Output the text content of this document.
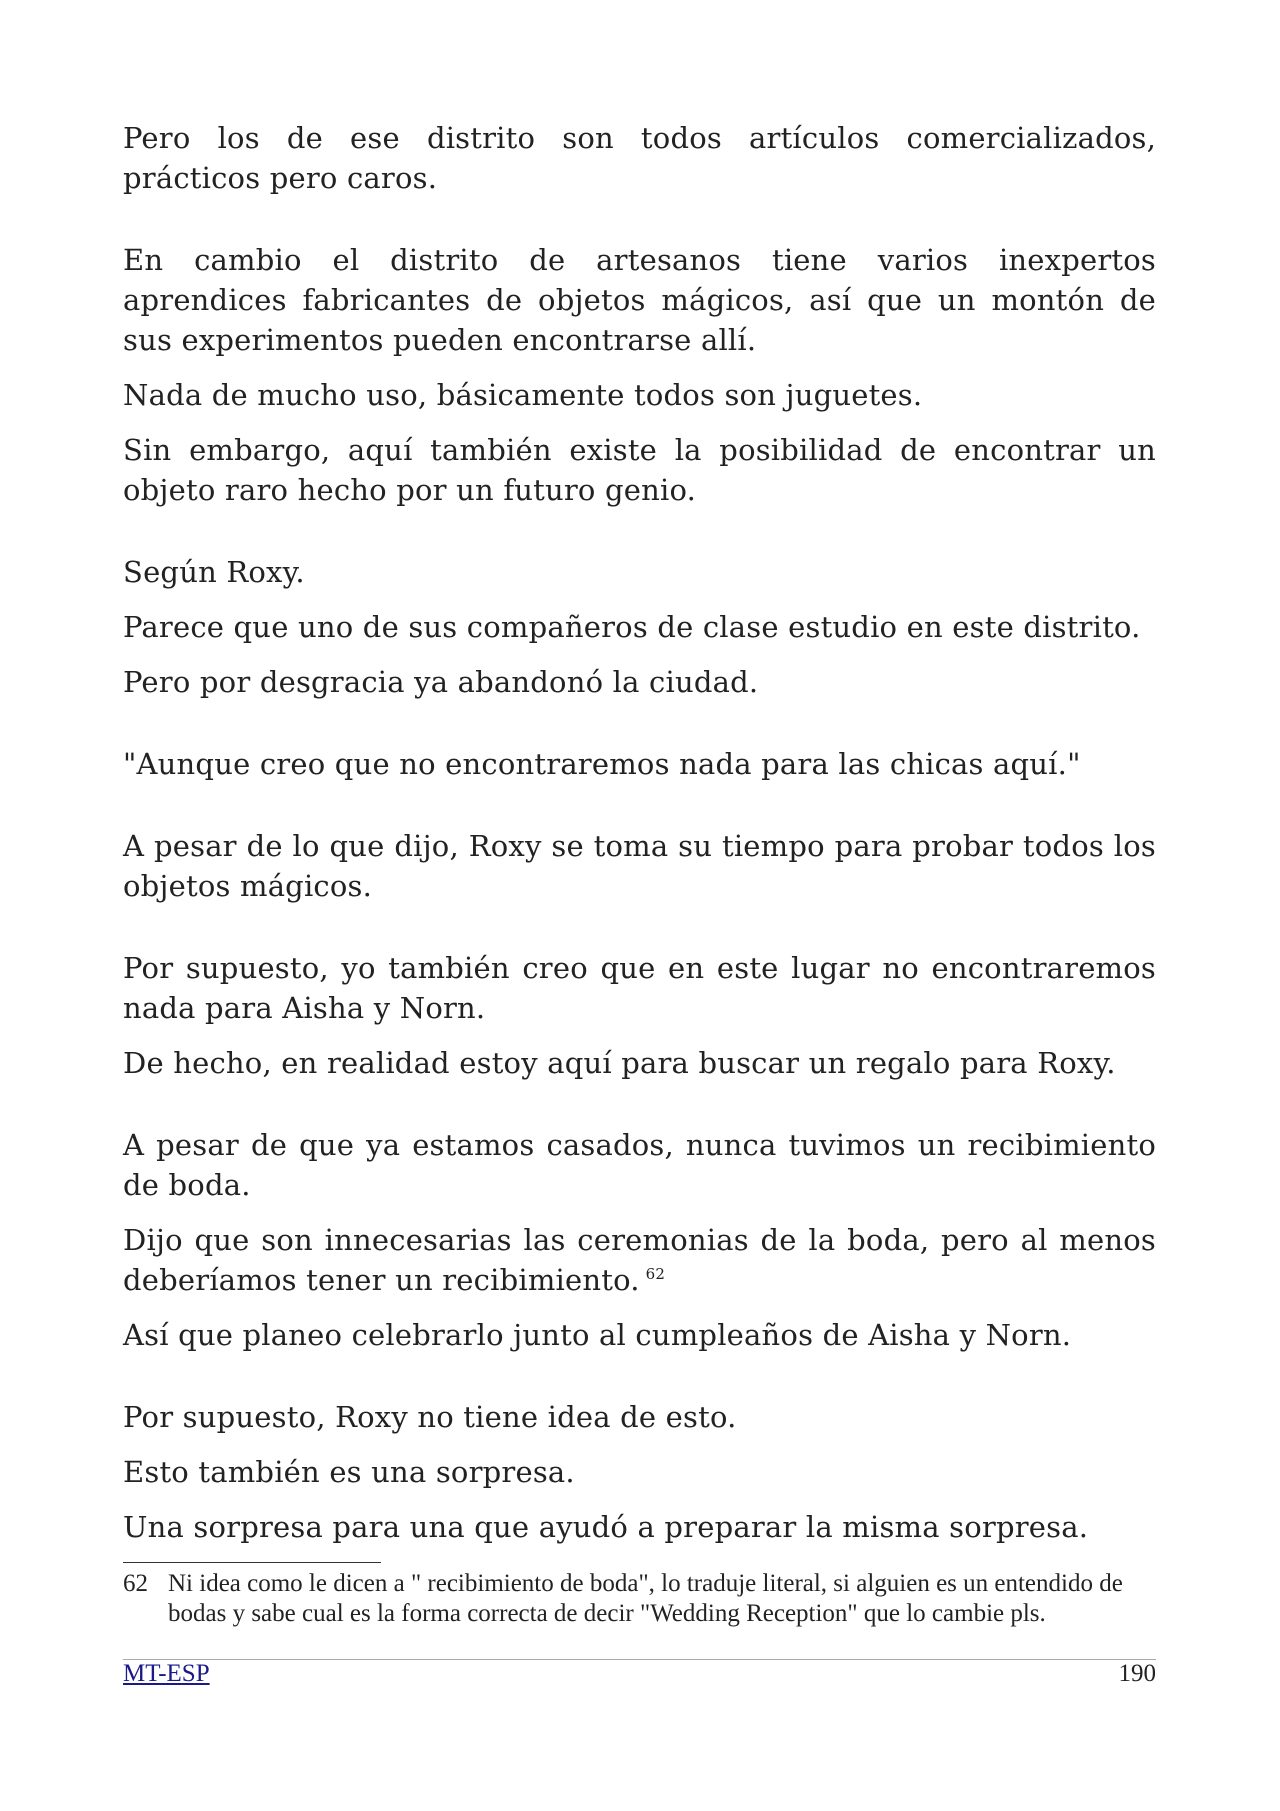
Pero los de ese distrito son todos artículos comercializados, prácticos pero caros.

En cambio el distrito de artesanos tiene varios inexpertos aprendices fabricantes de objetos mágicos, así que un montón de sus experimentos pueden encontrarse allí.

Nada de mucho uso, básicamente todos son juguetes.

Sin embargo, aquí también existe la posibilidad de encontrar un objeto raro hecho por un futuro genio.

Según Roxy.

Parece que uno de sus compañeros de clase estudio en este distrito.

Pero por desgracia ya abandonó la ciudad.

"Aunque creo que no encontraremos nada para las chicas aquí."

A pesar de lo que dijo, Roxy se toma su tiempo para probar todos los objetos mágicos.

Por supuesto, yo también creo que en este lugar no encontraremos nada para Aisha y Norn.

De hecho, en realidad estoy aquí para buscar un regalo para Roxy.

A pesar de que ya estamos casados, nunca tuvimos un recibimiento de boda.

Dijo que son innecesarias las ceremonias de la boda, pero al menos deberíamos tener un recibimiento. $^{62}$

Así que planeo celebrarlo junto al cumpleaños de Aisha y Norn.

Por supuesto, Roxy no tiene idea de esto.

Esto también es una sorpresa.

Una sorpresa para una que ayudó a preparar la misma sorpresa.

62 Ni idea como le dicen a " recibimiento de boda", lo traduje literal, si alguien es un entendido de bodas y sabe cual es la forma correcta de decir "Wedding Reception" que lo cambie pls.
MT-ESP	190
